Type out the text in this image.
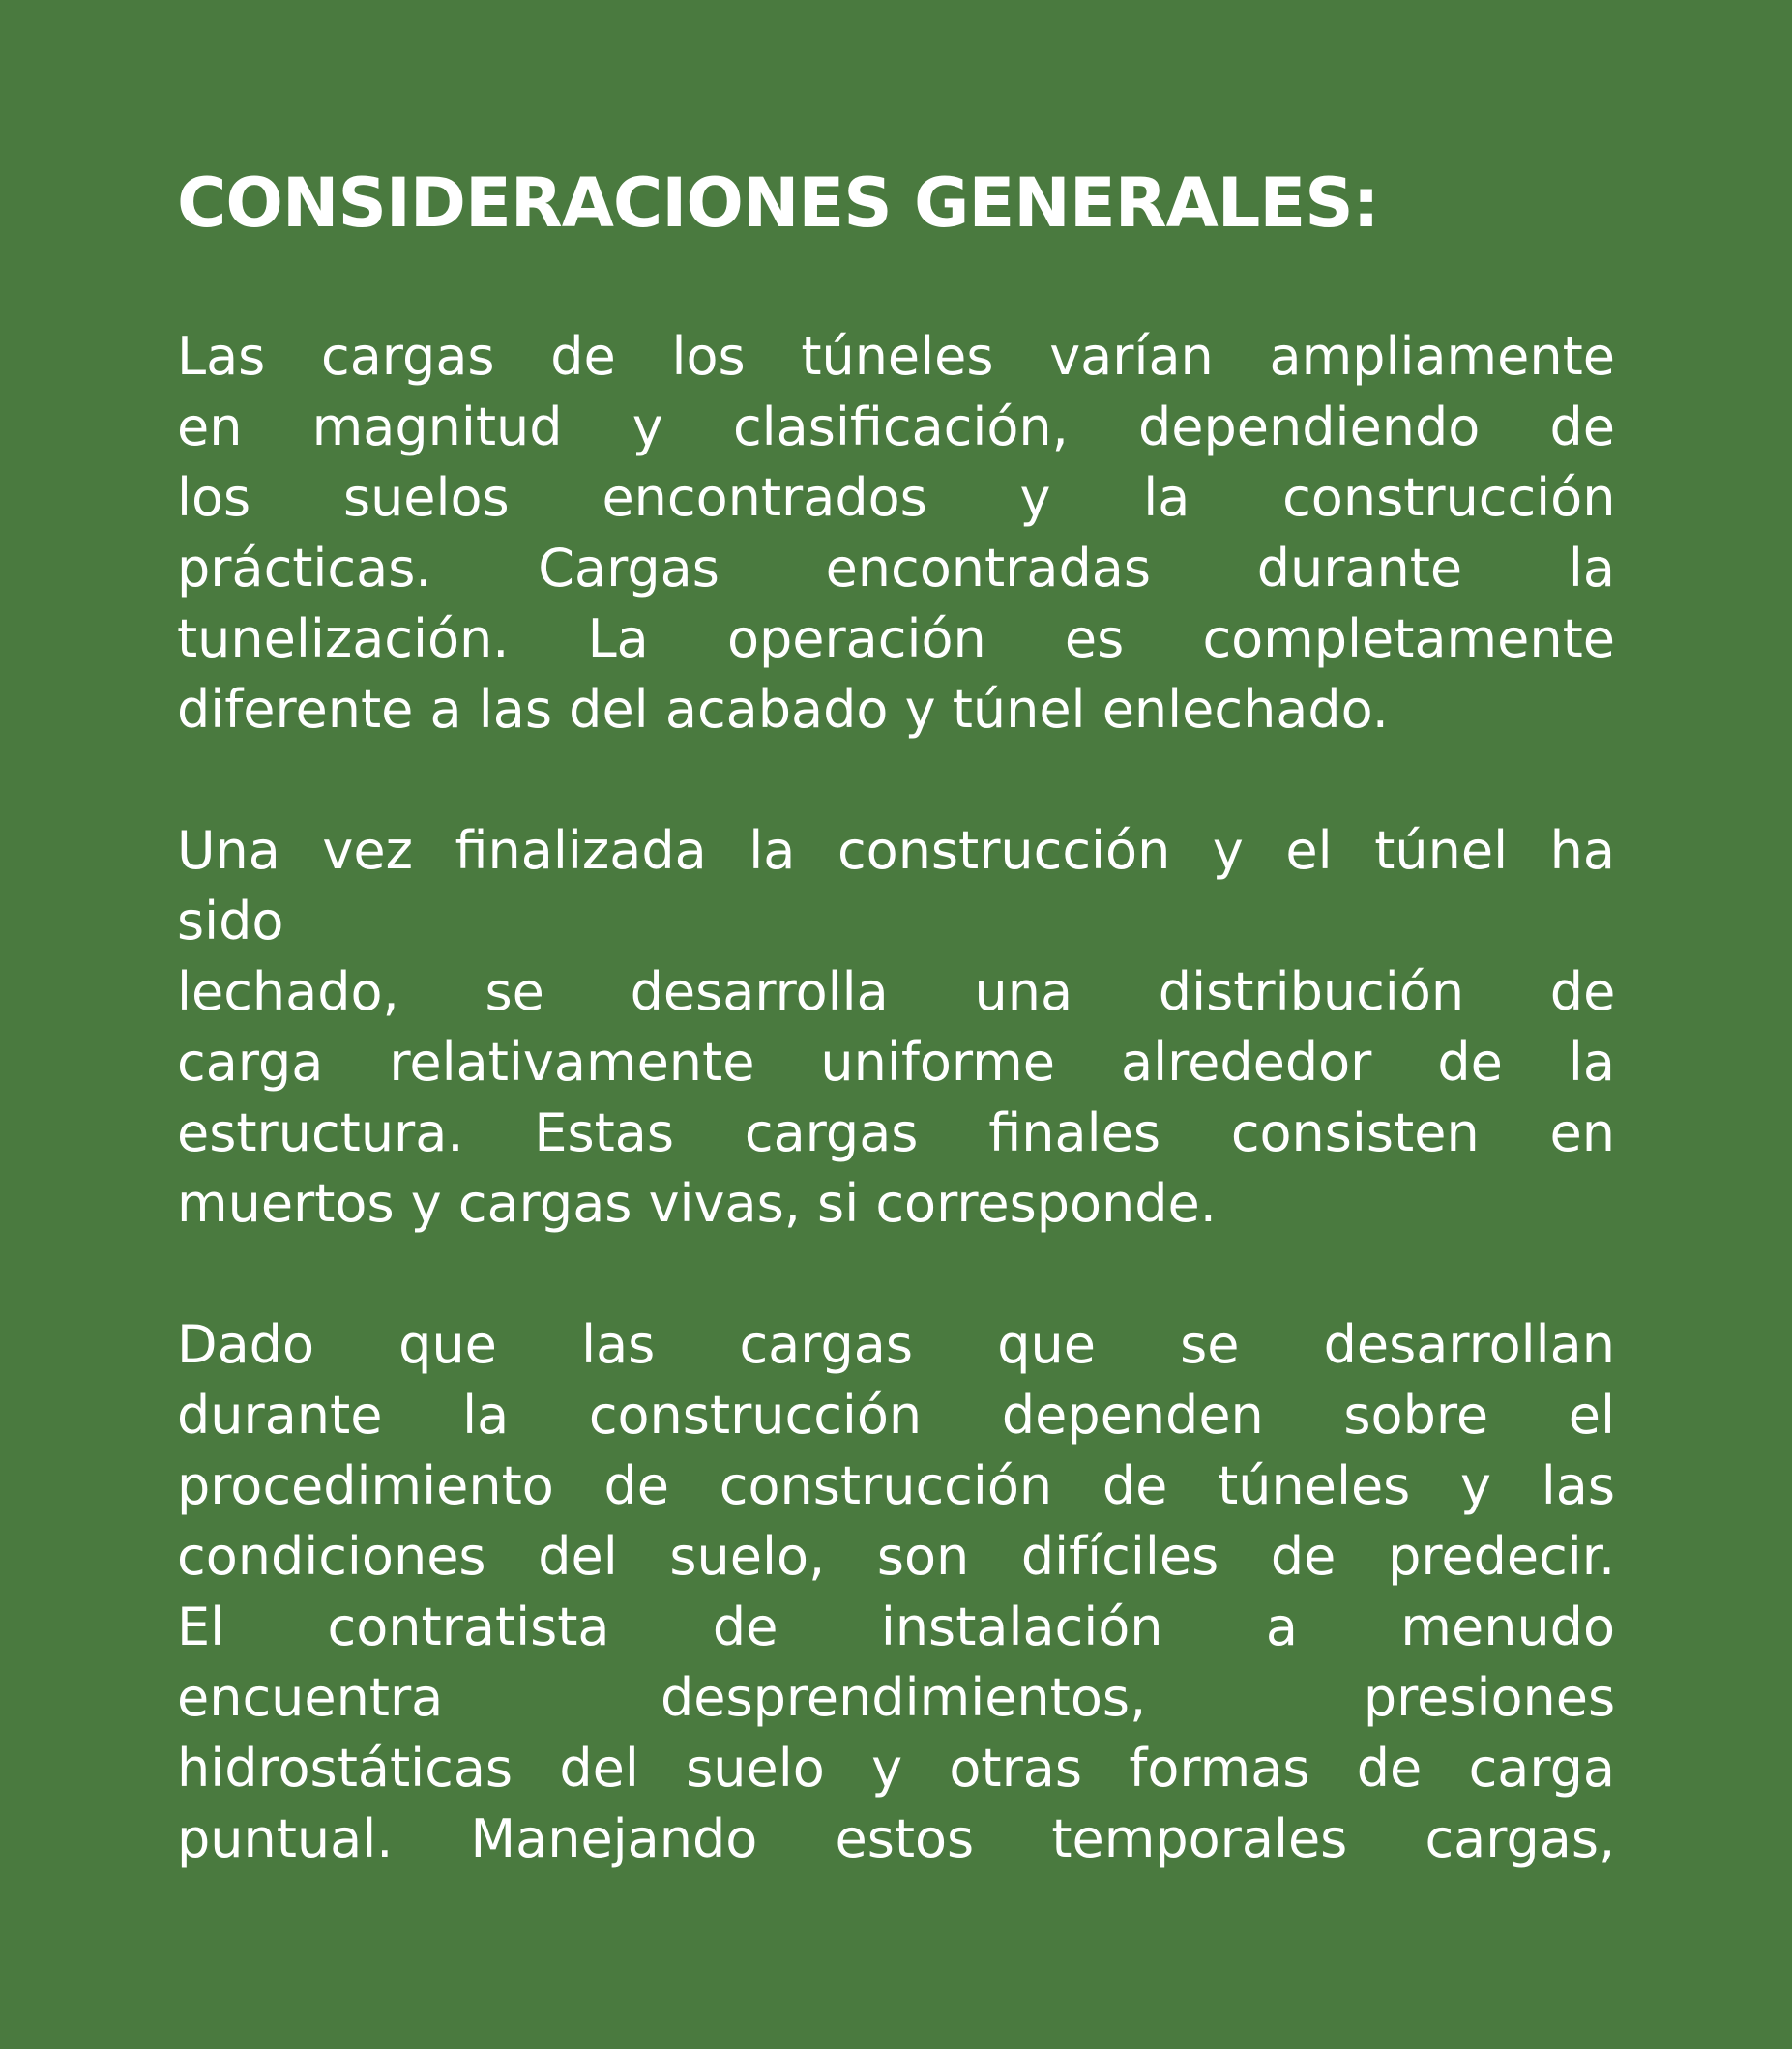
CONSIDERACIONES GENERALES:

Las cargas de los túneles varían ampliamente
en magnitud y clasificación, dependiendo de
los suelos encontrados y la construcción
prácticas. Cargas encontradas durante la
tunelización. La operación es completamente
diferente a las del acabado y túnel enlechado.

Una vez finalizada la construcción y el túnel ha
sido
lechado, se desarrolla una distribución de
carga relativamente uniforme alrededor de la
estructura. Estas cargas finales consisten en
muertos y cargas vivas, si corresponde.

Dado que las cargas que se desarrollan
durante la construcción dependen sobre el
procedimiento de construcción de túneles y las
condiciones del suelo, son difíciles de predecir.
El contratista de instalación a menudo
encuentra desprendimientos, presiones
hidrostáticas del suelo y otras formas de carga
puntual. Manejando estos temporales cargas,
